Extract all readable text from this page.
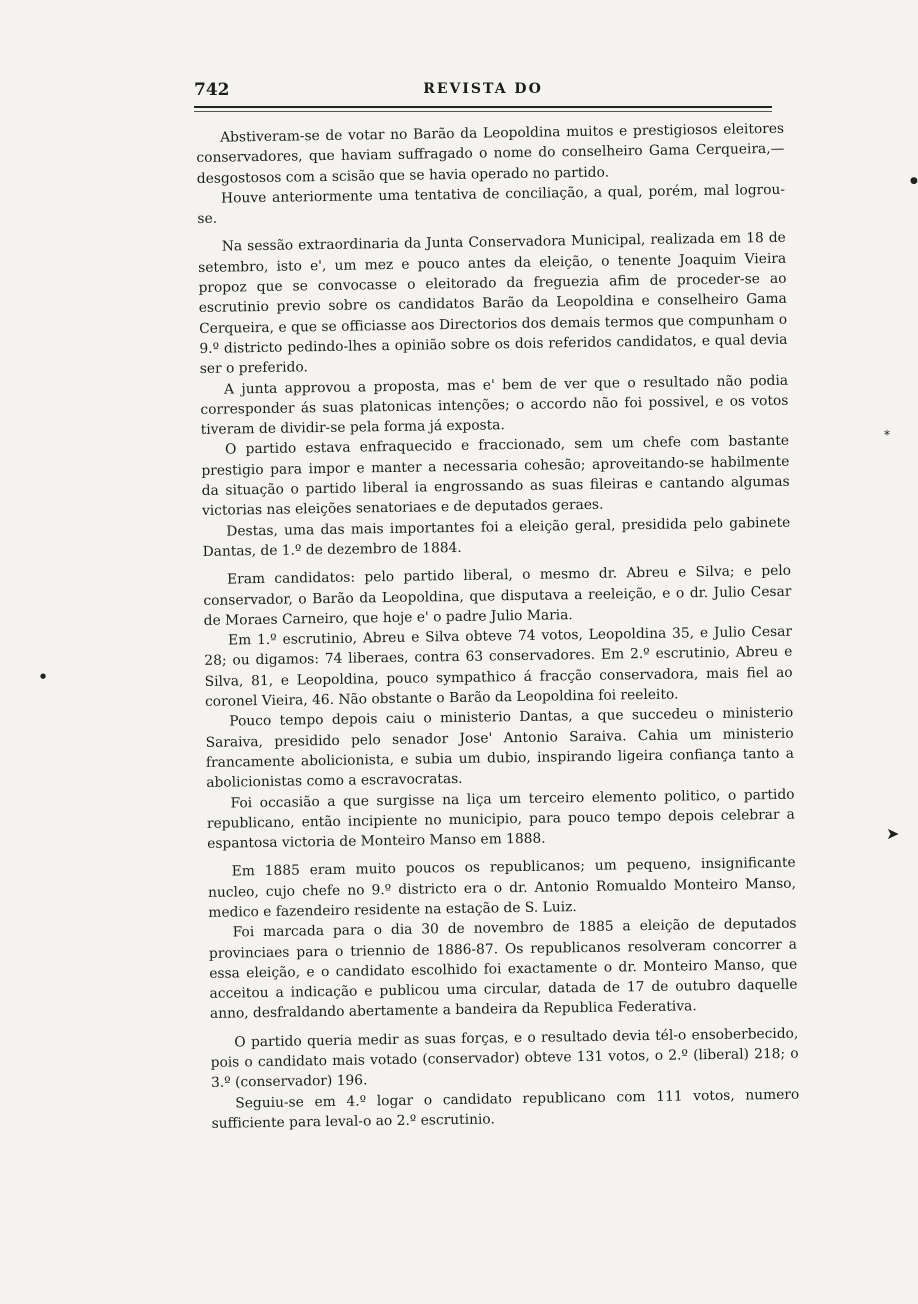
742	REVISTA DO

Abstiveram-se de votar no Barão da Leopoldina muitos e prestigiosos eleitores conservadores, que haviam suffragado o nome do conselheiro Gama Cerqueira,—desgostosos com a scisão que se havia operado no partido.

Houve anteriormente uma tentativa de conciliação, a qual, porém, mal logrou-se.

Na sessão extraordinaria da Junta Conservadora Municipal, realizada em 18 de setembro, isto e', um mez e pouco antes da eleição, o tenente Joaquim Vieira propoz que se convocasse o eleitorado da freguezia afim de proceder-se ao escrutinio previo sobre os candidatos Barão da Leopoldina e conselheiro Gama Cerqueira, e que se officiasse aos Directorios dos demais termos que compunham o 9.º districto pedindo-lhes a opinião sobre os dois referidos candidatos, e qual devia ser o preferido.

A junta approvou a proposta, mas e' bem de ver que o resultado não podia corresponder ás suas platonicas intenções; o accordo não foi possivel, e os votos tiveram de dividir-se pela forma já exposta.

O partido estava enfraquecido e fraccionado, sem um chefe com bastante prestigio para impor e manter a necessaria cohesão; aproveitando-se habilmente da situação o partido liberal ia engrossando as suas fileiras e cantando algumas victorias nas eleições senatoriaes e de deputados geraes.

Destas, uma das mais importantes foi a eleição geral, presidida pelo gabinete Dantas, de 1.º de dezembro de 1884.

Eram candidatos: pelo partido liberal, o mesmo dr. Abreu e Silva; e pelo conservador, o Barão da Leopoldina, que disputava a reeleição, e o dr. Julio Cesar de Moraes Carneiro, que hoje e' o padre Julio Maria.

Em 1.º escrutinio, Abreu e Silva obteve 74 votos, Leopoldina 35, e Julio Cesar 28; ou digamos: 74 liberaes, contra 63 conservadores. Em 2.º escrutinio, Abreu e Silva, 81, e Leopoldina, pouco sympathico á fracção conservadora, mais fiel ao coronel Vieira, 46. Não obstante o Barão da Leopoldina foi reeleito.

Pouco tempo depois caiu o ministerio Dantas, a que succedeu o ministerio Saraiva, presidido pelo senador Jose' Antonio Saraiva. Cahia um ministerio francamente abolicionista, e subia um dubio, inspirando ligeira confiança tanto a abolicionistas como a escravocratas.

Foi occasião a que surgisse na liça um terceiro elemento politico, o partido republicano, então incipiente no municipio, para pouco tempo depois celebrar a espantosa victoria de Monteiro Manso em 1888.

Em 1885 eram muito poucos os republicanos; um pequeno, insignificante nucleo, cujo chefe no 9.º districto era o dr. Antonio Romualdo Monteiro Manso, medico e fazendeiro residente na estação de S. Luiz.

Foi marcada para o dia 30 de novembro de 1885 a eleição de deputados provinciaes para o triennio de 1886-87. Os republicanos resolveram concorrer a essa eleição, e o candidato escolhido foi exactamente o dr. Monteiro Manso, que acceitou a indicação e publicou uma circular, datada de 17 de outubro daquelle anno, desfraldando abertamente a bandeira da Republica Federativa.

O partido queria medir as suas forças, e o resultado devia tél-o ensoberbecido, pois o candidato mais votado (conservador) obteve 131 votos, o 2.º (liberal) 218; o 3.º (conservador) 196.

Seguiu-se em 4.º logar o candidato republicano com 111 votos, numero sufficiente para leval-o ao 2.º escrutinio.

●
⁎
●
➤
